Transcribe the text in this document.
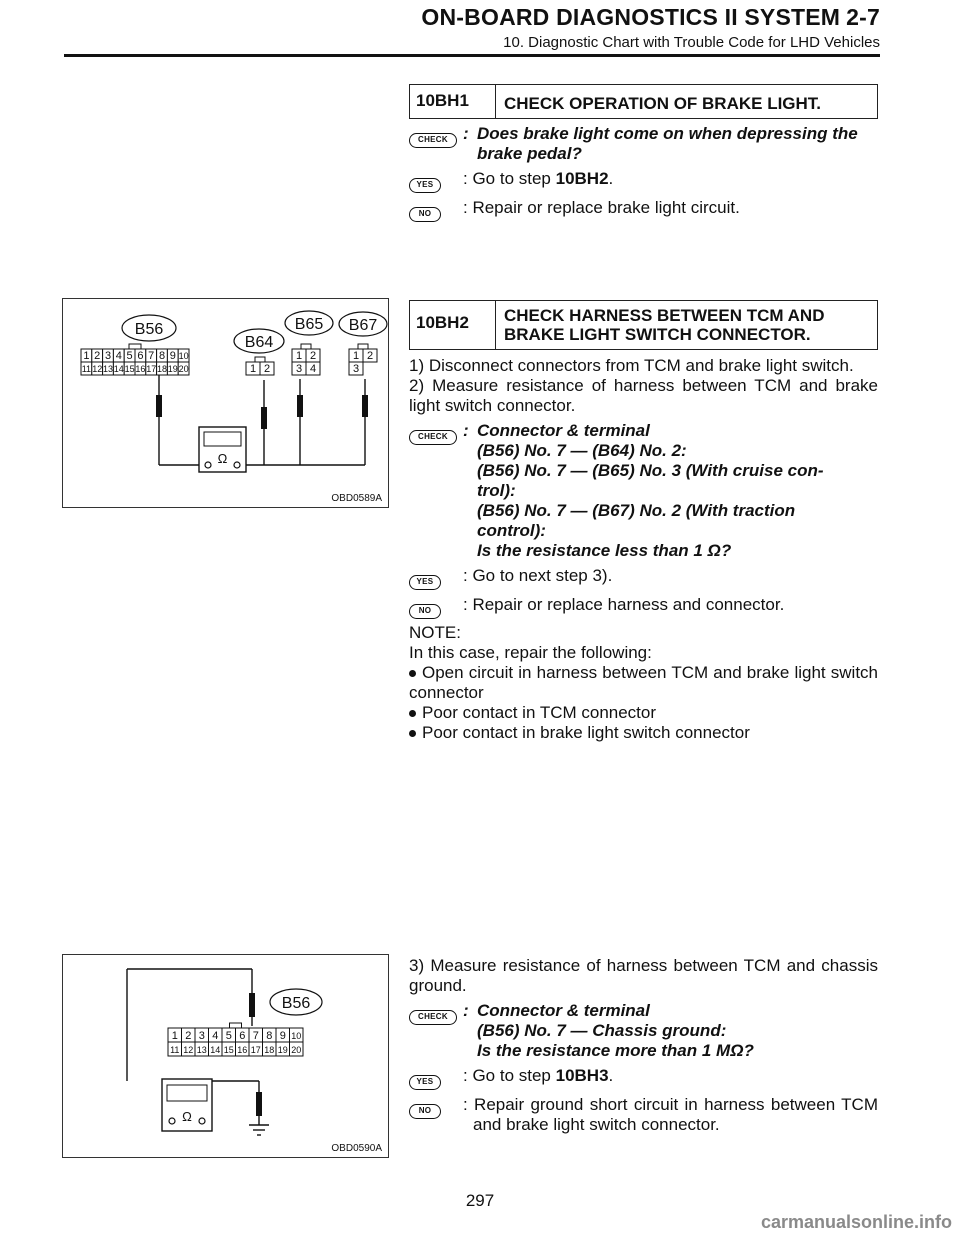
ON-BOARD DIAGNOSTICS II SYSTEM 2-7
10. Diagnostic Chart with Trouble Code for LHD Vehicles
10BH1	CHECK OPERATION OF BRAKE LIGHT.
CHECK : Does brake light come on when depressing the brake pedal?
YES	: Go to step 10BH2.
NO	: Repair or replace brake light circuit.
B56
B64
B65 B67
1 2 3 4 5 6 7 8 9 10
11 12 13 14 15 16 17 18 19 20	1 2
1 2
3 4
1 2
3
Ω
OBD0589A
10BH2	CHECK HARNESS BETWEEN TCM AND BRAKE LIGHT SWITCH CONNECTOR.
1) Disconnect connectors from TCM and brake light switch.
2) Measure resistance of harness between TCM and brake light switch connector.
CHECK : Connector & terminal
(B56) No. 7 — (B64) No. 2:
(B56) No. 7 — (B65) No. 3 (With cruise con-
trol):
(B56) No. 7 — (B67) No. 2 (With traction
control):
Is the resistance less than 1 Ω?
YES	: Go to next step 3).
NO	: Repair or replace harness and connector.
NOTE:
In this case, repair the following:
Open circuit in harness between TCM and brake light switch connector
Poor contact in TCM connector
Poor contact in brake light switch connector
B56
1 2 3 4 5 6 7 8 9 10
11 12 13 14 15 16 17 18 19 20
Ω
OBD0590A
3) Measure resistance of harness between TCM and chassis ground.
CHECK : Connector & terminal
(B56) No. 7 — Chassis ground:
Is the resistance more than 1 MΩ?
YES	: Go to step 10BH3.
NO	: Repair ground short circuit in harness between TCM and brake light switch connector.
297
carmanualsonline.info
